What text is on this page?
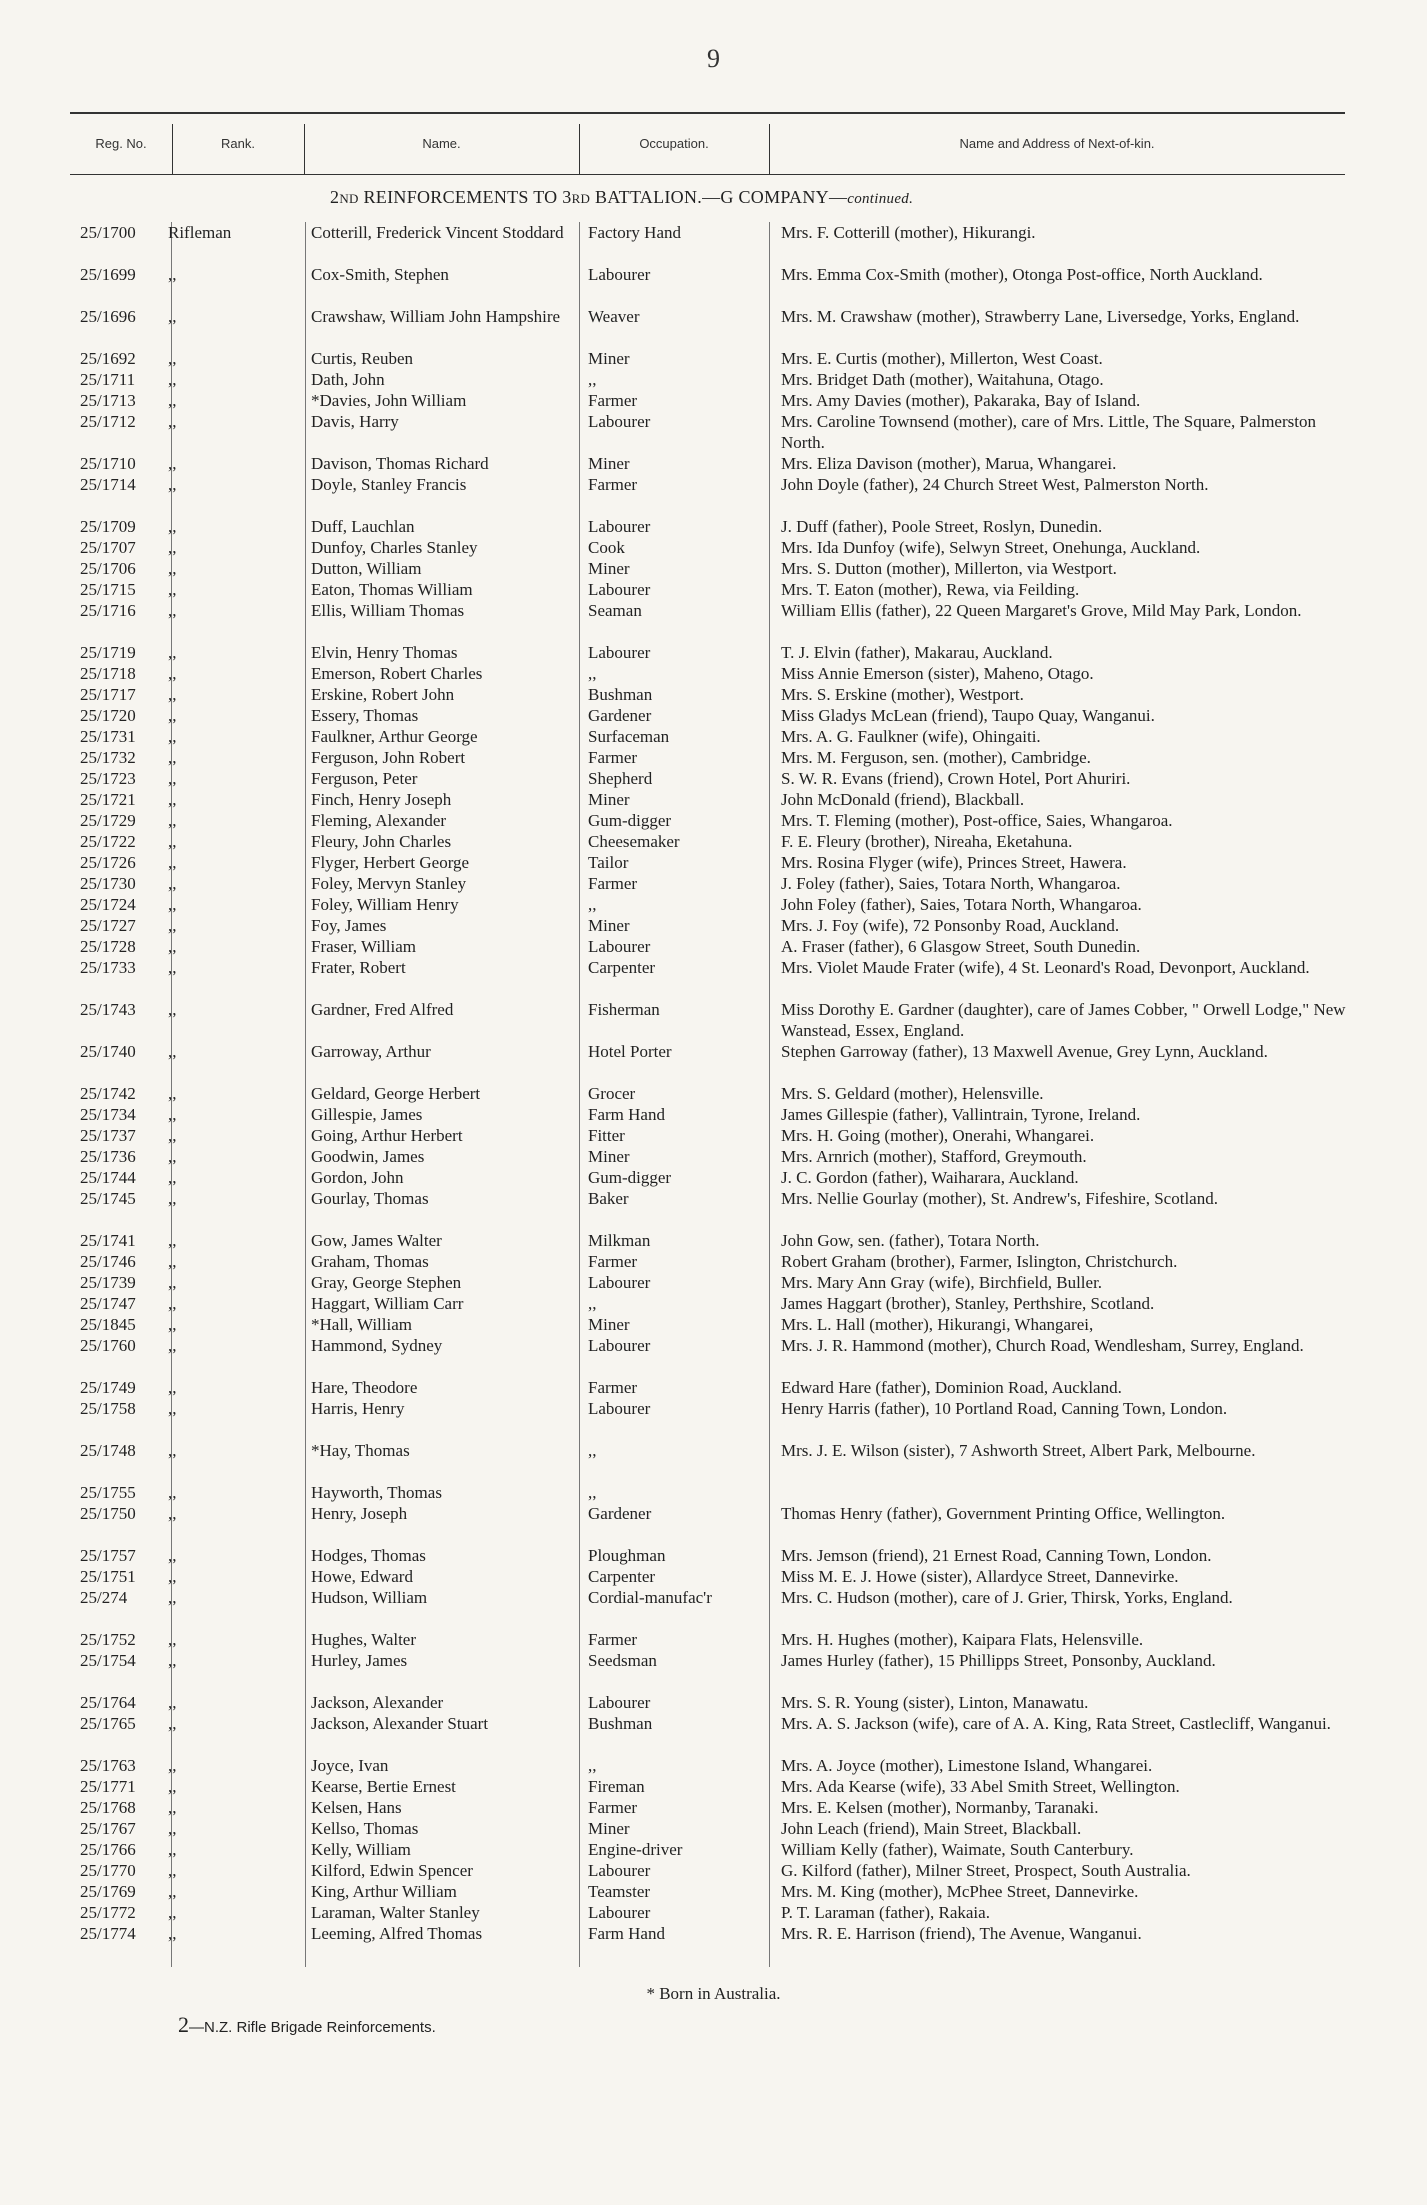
9
Reg. No.	Rank.	Name.	Occupation.	Name and Address of Next-of-kin.
2ND REINFORCEMENTS TO 3RD BATTALION.—G COMPANY—continued.
25/1700	Rifleman	Cotterill, Frederick Vincent Stoddard	Factory Hand	Mrs. F. Cotterill (mother), Hikurangi.
25/1699	,,	Cox-Smith, Stephen	Labourer	Mrs. Emma Cox-Smith (mother), Otonga Post-office, North Auckland.
25/1696	,,	Crawshaw, William John Hampshire	Weaver	Mrs. M. Crawshaw (mother), Strawberry Lane, Liversedge, Yorks, England.
25/1692	,,	Curtis, Reuben	Miner	Mrs. E. Curtis (mother), Millerton, West Coast.
25/1711	,,	Dath, John	,,	Mrs. Bridget Dath (mother), Waitahuna, Otago.
25/1713	,,	*Davies, John William	Farmer	Mrs. Amy Davies (mother), Pakaraka, Bay of Island.
25/1712	,,	Davis, Harry	Labourer	Mrs. Caroline Townsend (mother), care of Mrs. Little, The Square, Palmerston North.
25/1710	,,	Davison, Thomas Richard	Miner	Mrs. Eliza Davison (mother), Marua, Whangarei.
25/1714	,,	Doyle, Stanley Francis	Farmer	John Doyle (father), 24 Church Street West, Palmerston North.
25/1709	,,	Duff, Lauchlan	Labourer	J. Duff (father), Poole Street, Roslyn, Dunedin.
25/1707	,,	Dunfoy, Charles Stanley	Cook	Mrs. Ida Dunfoy (wife), Selwyn Street, Onehunga, Auckland.
25/1706	,,	Dutton, William	Miner	Mrs. S. Dutton (mother), Millerton, via Westport.
25/1715	,,	Eaton, Thomas William	Labourer	Mrs. T. Eaton (mother), Rewa, via Feilding.
25/1716	,,	Ellis, William Thomas	Seaman	William Ellis (father), 22 Queen Margaret's Grove, Mild May Park, London.
25/1719	,,	Elvin, Henry Thomas	Labourer	T. J. Elvin (father), Makarau, Auckland.
25/1718	,,	Emerson, Robert Charles	,,	Miss Annie Emerson (sister), Maheno, Otago.
25/1717	,,	Erskine, Robert John	Bushman	Mrs. S. Erskine (mother), Westport.
25/1720	,,	Essery, Thomas	Gardener	Miss Gladys McLean (friend), Taupo Quay, Wanganui.
25/1731	,,	Faulkner, Arthur George	Surfaceman	Mrs. A. G. Faulkner (wife), Ohingaiti.
25/1732	,,	Ferguson, John Robert	Farmer	Mrs. M. Ferguson, sen. (mother), Cambridge.
25/1723	,,	Ferguson, Peter	Shepherd	S. W. R. Evans (friend), Crown Hotel, Port Ahuriri.
25/1721	,,	Finch, Henry Joseph	Miner	John McDonald (friend), Blackball.
25/1729	,,	Fleming, Alexander	Gum-digger	Mrs. T. Fleming (mother), Post-office, Saies, Whangaroa.
25/1722	,,	Fleury, John Charles	Cheesemaker	F. E. Fleury (brother), Nireaha, Eketahuna.
25/1726	,,	Flyger, Herbert George	Tailor	Mrs. Rosina Flyger (wife), Princes Street, Hawera.
25/1730	,,	Foley, Mervyn Stanley	Farmer	J. Foley (father), Saies, Totara North, Whangaroa.
25/1724	,,	Foley, William Henry	,,	John Foley (father), Saies, Totara North, Whangaroa.
25/1727	,,	Foy, James	Miner	Mrs. J. Foy (wife), 72 Ponsonby Road, Auckland.
25/1728	,,	Fraser, William	Labourer	A. Fraser (father), 6 Glasgow Street, South Dunedin.
25/1733	,,	Frater, Robert	Carpenter	Mrs. Violet Maude Frater (wife), 4 St. Leonard's Road, Devonport, Auckland.
25/1743	,,	Gardner, Fred Alfred	Fisherman	Miss Dorothy E. Gardner (daughter), care of James Cobber, " Orwell Lodge," New Wanstead, Essex, England.
25/1740	,,	Garroway, Arthur	Hotel Porter	Stephen Garroway (father), 13 Maxwell Avenue, Grey Lynn, Auckland.
25/1742	,,	Geldard, George Herbert	Grocer	Mrs. S. Geldard (mother), Helensville.
25/1734	,,	Gillespie, James	Farm Hand	James Gillespie (father), Vallintrain, Tyrone, Ireland.
25/1737	,,	Going, Arthur Herbert	Fitter	Mrs. H. Going (mother), Onerahi, Whangarei.
25/1736	,,	Goodwin, James	Miner	Mrs. Arnrich (mother), Stafford, Greymouth.
25/1744	,,	Gordon, John	Gum-digger	J. C. Gordon (father), Waiharara, Auckland.
25/1745	,,	Gourlay, Thomas	Baker	Mrs. Nellie Gourlay (mother), St. Andrew's, Fifeshire, Scotland.
25/1741	,,	Gow, James Walter	Milkman	John Gow, sen. (father), Totara North.
25/1746	,,	Graham, Thomas	Farmer	Robert Graham (brother), Farmer, Islington, Christchurch.
25/1739	,,	Gray, George Stephen	Labourer	Mrs. Mary Ann Gray (wife), Birchfield, Buller.
25/1747	,,	Haggart, William Carr	,,	James Haggart (brother), Stanley, Perthshire, Scotland.
25/1845	,,	*Hall, William	Miner	Mrs. L. Hall (mother), Hikurangi, Whangarei,
25/1760	,,	Hammond, Sydney	Labourer	Mrs. J. R. Hammond (mother), Church Road, Wendlesham, Surrey, England.
25/1749	,,	Hare, Theodore	Farmer	Edward Hare (father), Dominion Road, Auckland.
25/1758	,,	Harris, Henry	Labourer	Henry Harris (father), 10 Portland Road, Canning Town, London.
25/1748	,,	*Hay, Thomas	,,	Mrs. J. E. Wilson (sister), 7 Ashworth Street, Albert Park, Melbourne.
25/1755	,,	Hayworth, Thomas	,,
25/1750	,,	Henry, Joseph	Gardener	Thomas Henry (father), Government Printing Office, Wellington.
25/1757	,,	Hodges, Thomas	Ploughman	Mrs. Jemson (friend), 21 Ernest Road, Canning Town, London.
25/1751	,,	Howe, Edward	Carpenter	Miss M. E. J. Howe (sister), Allardyce Street, Dannevirke.
25/274	,,	Hudson, William	Cordial-manufac'r	Mrs. C. Hudson (mother), care of J. Grier, Thirsk, Yorks, England.
25/1752	,,	Hughes, Walter	Farmer	Mrs. H. Hughes (mother), Kaipara Flats, Helensville.
25/1754	,,	Hurley, James	Seedsman	James Hurley (father), 15 Phillipps Street, Ponsonby, Auckland.
25/1764	,,	Jackson, Alexander	Labourer	Mrs. S. R. Young (sister), Linton, Manawatu.
25/1765	,,	Jackson, Alexander Stuart	Bushman	Mrs. A. S. Jackson (wife), care of A. A. King, Rata Street, Castlecliff, Wanganui.
25/1763	,,	Joyce, Ivan	,,	Mrs. A. Joyce (mother), Limestone Island, Whangarei.
25/1771	,,	Kearse, Bertie Ernest	Fireman	Mrs. Ada Kearse (wife), 33 Abel Smith Street, Wellington.
25/1768	,,	Kelsen, Hans	Farmer	Mrs. E. Kelsen (mother), Normanby, Taranaki.
25/1767	,,	Kellso, Thomas	Miner	John Leach (friend), Main Street, Blackball.
25/1766	,,	Kelly, William	Engine-driver	William Kelly (father), Waimate, South Canterbury.
25/1770	,,	Kilford, Edwin Spencer	Labourer	G. Kilford (father), Milner Street, Prospect, South Australia.
25/1769	,,	King, Arthur William	Teamster	Mrs. M. King (mother), McPhee Street, Dannevirke.
25/1772	,,	Laraman, Walter Stanley	Labourer	P. T. Laraman (father), Rakaia.
25/1774	,,	Leeming, Alfred Thomas	Farm Hand	Mrs. R. E. Harrison (friend), The Avenue, Wanganui.
* Born in Australia.
2—N.Z. Rifle Brigade Reinforcements.
